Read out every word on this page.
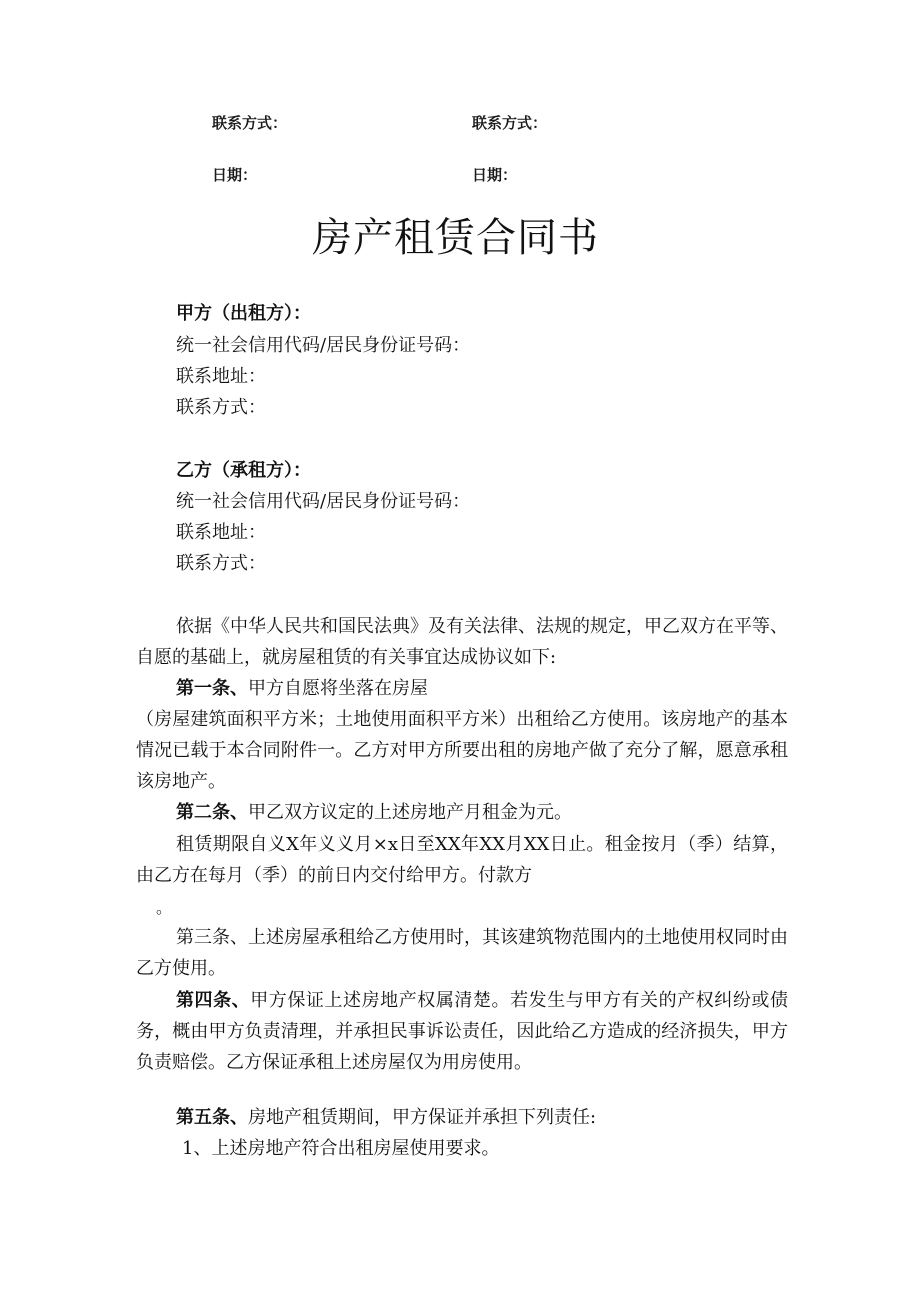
联系方式：	联系方式：
日期：	日期：
房产租赁合同书
甲方（出租方）：
统一社会信用代码/居民身份证号码：
联系地址：
联系方式：
乙方（承租方）：
统一社会信用代码/居民身份证号码：
联系地址：
联系方式：
依据《中华人民共和国民法典》及有关法律、法规的规定，甲乙双方在平等、自愿的基础上，就房屋租赁的有关事宜达成协议如下:
第一条、甲方自愿将坐落在房屋
（房屋建筑面积平方米；土地使用面积平方米）出租给乙方使用。该房地产的基本情况已载于本合同附件一。乙方对甲方所要出租的房地产做了充分了解，愿意承租该房地产。
第二条、甲乙双方议定的上述房地产月租金为元。
租赁期限自义X年义义月×x日至XX年XX月XX日止。租金按月（季）结算，由乙方在每月（季）的前日内交付给甲方。付款方
。
第三条、上述房屋承租给乙方使用时，其该建筑物范围内的土地使用权同时由乙方使用。
第四条、甲方保证上述房地产权属清楚。若发生与甲方有关的产权纠纷或债务，概由甲方负责清理，并承担民事诉讼责任，因此给乙方造成的经济损失，甲方负责赔偿。乙方保证承租上述房屋仅为用房使用。
第五条、房地产租赁期间，甲方保证并承担下列责任:
1、上述房地产符合出租房屋使用要求。
